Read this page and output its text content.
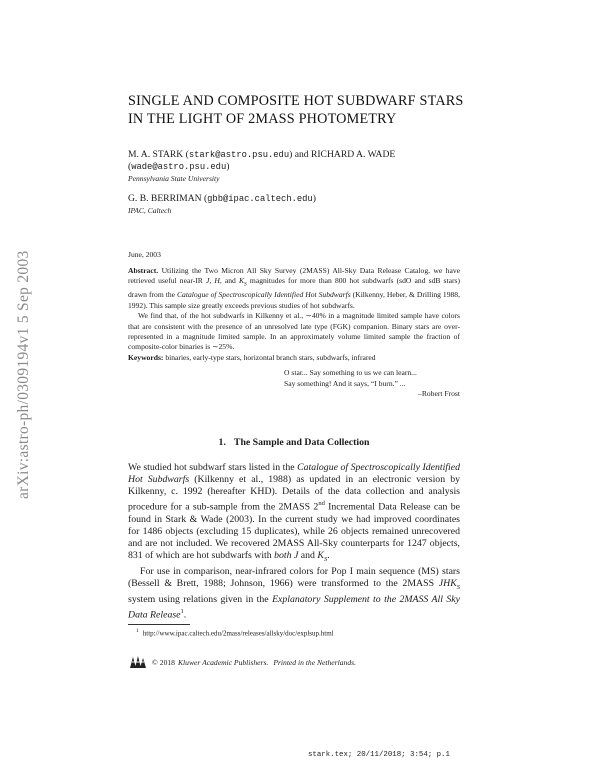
arXiv:astro-ph/0309194v1 5 Sep 2003
SINGLE AND COMPOSITE HOT SUBDWARF STARS
IN THE LIGHT OF 2MASS PHOTOMETRY
M. A. STARK (stark@astro.psu.edu) and RICHARD A. WADE
(wade@astro.psu.edu)
Pennsylvania State University
G. B. BERRIMAN (gbb@ipac.caltech.edu)
IPAC, Caltech
June, 2003

Abstract. Utilizing the Two Micron All Sky Survey (2MASS) All-Sky Data Release Catalog, we have retrieved useful near-IR J, H, and $K_S$ magnitudes for more than 800 hot subdwarfs (sdO and sdB stars) drawn from the Catalogue of Spectroscopically Identified Hot Subdwarfs (Kilkenny, Heber, & Drilling 1988, 1992). This sample size greatly exceeds previous studies of hot subdwarfs.

We find that, of the hot subdwarfs in Kilkenny et al., ∼40% in a magnitude limited sample have colors that are consistent with the presence of an unresolved late type (FGK) companion. Binary stars are over-represented in a magnitude limited sample. In an approximately volume limited sample the fraction of composite-color binaries is ∼25%.

Keywords: binaries, early-type stars, horizontal branch stars, subdwarfs, infrared
O star... Say something to us we can learn...
Say something! And it says, “I burn.” ...
–Robert Frost
1. The Sample and Data Collection

We studied hot subdwarf stars listed in the Catalogue of Spectroscopically Identified Hot Subdwarfs (Kilkenny et al., 1988) as updated in an electronic version by Kilkenny, c. 1992 (hereafter KHD). Details of the data collection and analysis procedure for a sub-sample from the 2MASS 2nd Incremental Data Release can be found in Stark & Wade (2003). In the current study we had improved coordinates for 1486 objects (excluding 15 duplicates), while 26 objects remained unrecovered and are not included. We recovered 2MASS All-Sky counterparts for 1247 objects, 831 of which are hot subdwarfs with both J and $K_S$.

For use in comparison, near-infrared colors for Pop I main sequence (MS) stars (Bessell & Brett, 1988; Johnson, 1966) were transformed to the 2MASS $JHK_S$ system using relations given in the Explanatory Supplement to the 2MASS All Sky Data Release$^1$.

$^1$ http://www.ipac.caltech.edu/2mass/releases/allsky/doc/explsup.html
© 2018 Kluwer Academic Publishers. Printed in the Netherlands.
stark.tex; 20/11/2018; 3:54; p.1
